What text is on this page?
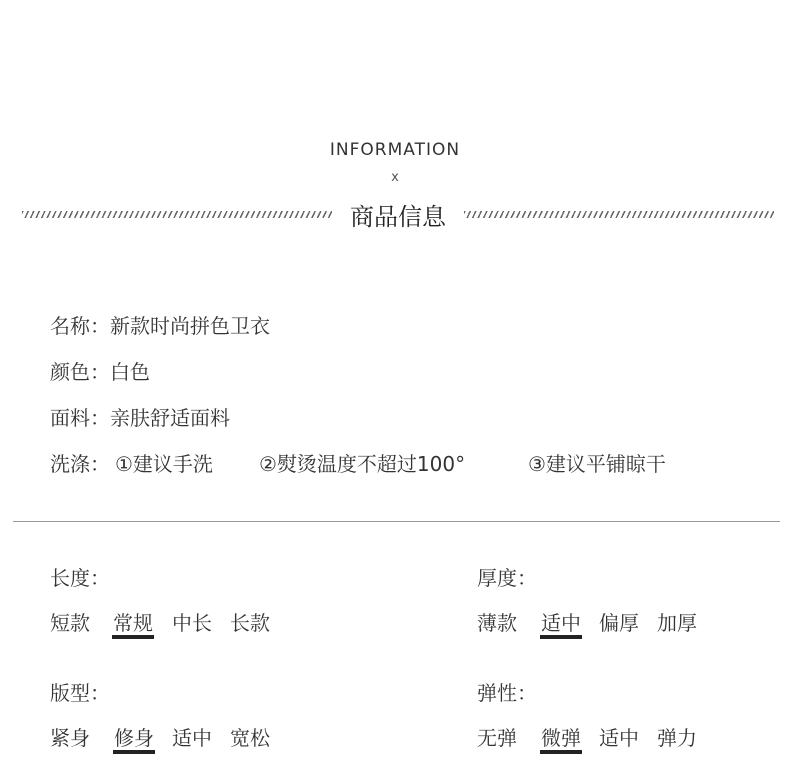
INFORMATION
x
商品信息
名称：新款时尚拼色卫衣
颜色：白色
面料：亲肤舒适面料
洗涤： ①建议手洗 ②熨烫温度不超过100°	③建议平铺晾干
长度：
短款 常规 中长 长款
厚度：
薄款 适中 偏厚 加厚
版型：
紧身 修身 适中 宽松
弹性：
无弹 微弹 适中 弹力
